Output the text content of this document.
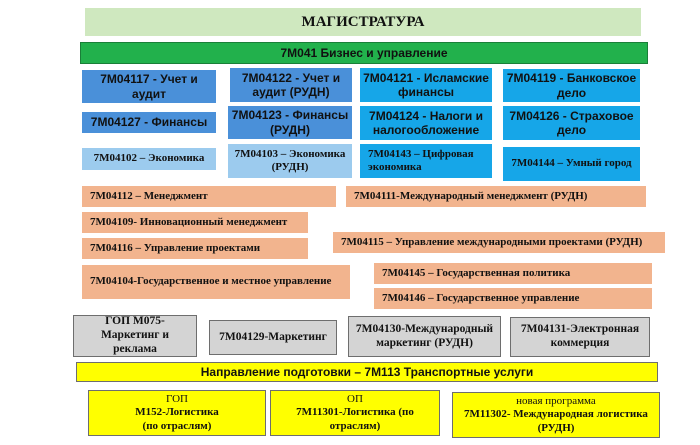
МАГИСТРАТУРА
7М041 Бизнес и управление
7M04117 - Учет и аудит
7M04122 - Учет и аудит (РУДН)
7M04121 - Исламские финансы
7M04119 - Банковское дело
7M04127 - Финансы
7M04123 - Финансы (РУДН)
7M04124 - Налоги и налогообложение
7M04126 - Страховое дело
7M04102 – Экономика	7M04103 – Экономика (РУДН)
7M04143 – Цифровая экономика	7M04144 – Умный город
7M04112 – Менеджмент	7M04111-Международный менеджмент (РУДН)
7M04109- Инновационный менеджмент
7M04116 – Управление проектами	7M04115 – Управление международными проектами (РУДН)
7M04104-Государственное и местное управление
7M04145 – Государственная политика
7M04146 – Государственное управление
ГОП М075-Маркетинг и реклама
7M04129-Маркетинг
7M04130-Международный маркетинг (РУДН)
7M04131-Электронная коммерция
Направление подготовки – 7М113 Транспортные услуги
ГОП
М152-Логистика
(по отраслям)
ОП
7M11301-Логистика (по
отраслям)
новая программа
7M11302- Международная логистика
(РУДН)
